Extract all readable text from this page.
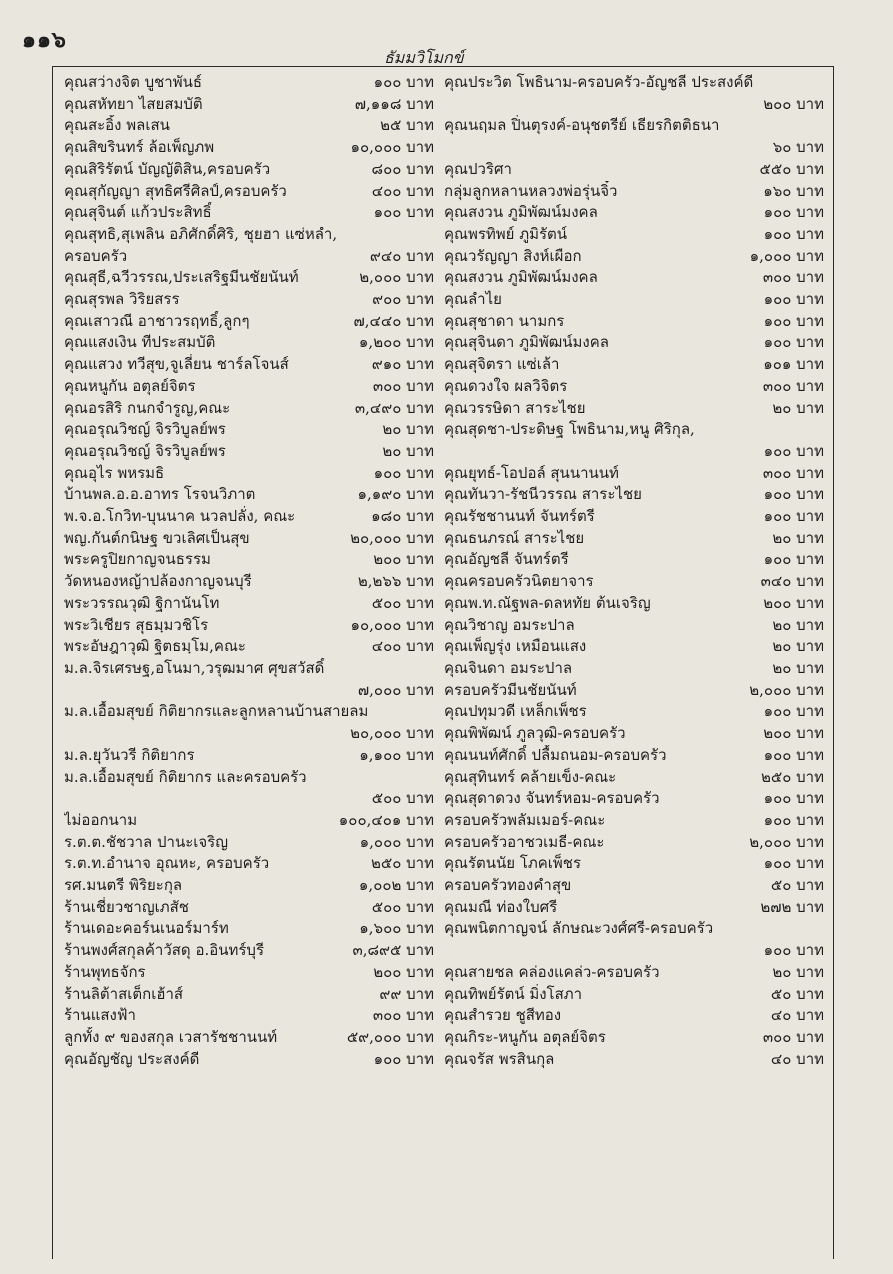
๑๑๖
ธัมมวิโมกข์
คุณสว่างจิต บูชาพันธ์	๑๐๐ บาท
คุณสหัทยา ไสยสมบัติ	๗,๑๑๘ บาท
คุณสะอิ้ง พลเสน	๒๕ บาท
คุณสิขรินทร์ ล้อเพ็ญภพ	๑๐,๐๐๐ บาท
คุณสิริรัตน์ บัญญัติสิน,ครอบครัว	๘๐๐ บาท
คุณสุกัญญา สุทธิศรีศิลป์,ครอบครัว	๔๐๐ บาท
คุณสุจินต์ แก้วประสิทธิ์	๑๐๐ บาท
คุณสุทธิ,สุเพลิน อภิศักดิ์ศิริ, ชุยฮา แซ่หลำ,
ครอบครัว	๙๔๐ บาท
คุณสุธี,ฉวีวรรณ,ประเสริฐมีนชัยนันท์	๒,๐๐๐ บาท
คุณสุรพล วิริยสรร	๙๐๐ บาท
คุณเสาวณี อาชาวรฤทธิ์,ลูกๆ	๗,๔๔๐ บาท
คุณแสงเงิน ทีประสมบัติ	๑,๒๐๐ บาท
คุณแสวง ทวีสุข,จูเลี่ยน ชาร์ลโจนส์	๙๑๐ บาท
คุณหนูกัน อตุลย์จิตร	๓๐๐ บาท
คุณอรสิริ กนกจำรูญ,คณะ	๓,๔๙๐ บาท
คุณอรุณวิชญ์ จิรวิบูลย์พร	๒๐ บาท
คุณอรุณวิชญ์ จิรวิบูลย์พร	๒๐ บาท
คุณอุไร พหรมธิ	๑๐๐ บาท
บ้านพล.อ.อ.อาทร โรจนวิภาต	๑,๑๙๐ บาท
พ.จ.อ.โกวิท-บุนนาค นวลปลั่ง, คณะ	๑๘๐ บาท
พญ.กันต์กนิษฐ ขวเลิศเป็นสุข	๒๐,๐๐๐ บาท
พระครูปิยกาญจนธรรม	๒๐๐ บาท
วัดหนองหญ้าปล้องกาญจนบุรี	๒,๒๖๖ บาท
พระวรรณวุฒิ ฐิกานันโท	๕๐๐ บาท
พระวิเชียร สุธมฺมวชิโร	๑๐,๐๐๐ บาท
พระอัษฎาวุฒิ ฐิตธมฺโม,คณะ	๔๐๐ บาท
ม.ล.จิรเศรษฐ,อโนมา,วรุฒมาศ ศุขสวัสดิ์
๗,๐๐๐ บาท
ม.ล.เอื้อมสุขย์ กิติยากรและลูกหลานบ้านสายลม
๒๐,๐๐๐ บาท
ม.ล.ยุวันวรี กิติยากร	๑,๑๐๐ บาท
ม.ล.เอื้อมสุขย์ กิติยากร และครอบครัว
๕๐๐ บาท
ไม่ออกนาม	๑๐๐,๔๐๑ บาท
ร.ต.ต.ชัชวาล ปานะเจริญ	๑,๐๐๐ บาท
ร.ต.ท.อำนาจ อุณหะ, ครอบครัว	๒๕๐ บาท
รศ.มนตรี พิริยะกุล	๑,๐๐๒ บาท
ร้านเชี่ยวชาญเภสัช	๕๐๐ บาท
ร้านเดอะคอร์นเนอร์มาร์ท	๑,๖๐๐ บาท
ร้านพงศ์สกุลค้าวัสดุ อ.อินทร์บุรี	๓,๘๙๕ บาท
ร้านพุทธจักร	๒๐๐ บาท
ร้านลิต้าสเต็กเฮ้าส์	๙๙ บาท
ร้านแสงฟ้า	๓๐๐ บาท
ลูกทั้ง ๙ ของสกุล เวสารัชชานนท์	๕๙,๐๐๐ บาท
คุณอัญชัญ ประสงค์ดี	๑๐๐ บาท
คุณประวิต โพธินาม-ครอบครัว-อัญชลี ประสงค์ดี
๒๐๐ บาท
คุณนฤมล ปิ่นตุรงค์-อนุชตรีย์ เธียรกิตติธนา
๖๐ บาท
คุณปวริศา	๕๕๐ บาท
กลุ่มลูกหลานหลวงพ่อรุ่นจิ๋ว	๑๖๐ บาท
คุณสงวน ภูมิพัฒน์มงคล	๑๐๐ บาท
คุณพรทิพย์ ภูมิรัตน์	๑๐๐ บาท
คุณวรัญญา สิงห์เผือก	๑,๐๐๐ บาท
คุณสงวน ภูมิพัฒน์มงคล	๓๐๐ บาท
คุณลำไย	๑๐๐ บาท
คุณสุชาดา นามกร	๑๐๐ บาท
คุณสุจินดา ภูมิพัฒน์มงคล	๑๐๐ บาท
คุณสุจิตรา แซ่เล้า	๑๐๑ บาท
คุณดวงใจ ผลวิจิตร	๓๐๐ บาท
คุณวรรษิดา สาระไชย	๒๐ บาท
คุณสุดชา-ประดิษฐ โพธินาม,หนู ศิริกุล,
๑๐๐ บาท
คุณยุทธ์-โอปอล์ สุนนานนท์	๓๐๐ บาท
คุณทันวา-รัชนีวรรณ สาระไชย	๑๐๐ บาท
คุณรัชชานนท์ จันทร์ตรี	๑๐๐ บาท
คุณธนภรณ์ สาระไชย	๒๐ บาท
คุณอัญชลี จันทร์ตรี	๑๐๐ บาท
คุณครอบครัวนิตยาจาร	๓๔๐ บาท
คุณพ.ท.ณัฐพล-ดลหทัย ต้นเจริญ	๒๐๐ บาท
คุณวิชาญ อมระปาล	๒๐ บาท
คุณเพ็ญรุ่ง เหมือนแสง	๒๐ บาท
คุณจินดา อมระปาล	๒๐ บาท
ครอบครัวมีนชัยนันท์	๒,๐๐๐ บาท
คุณปทุมวดี เหล็กเพ็ชร	๑๐๐ บาท
คุณพิพัฒน์ ภูลวุฒิ-ครอบครัว	๒๐๐ บาท
คุณนนท์ศักดิ์ ปลื้มถนอม-ครอบครัว	๑๐๐ บาท
คุณสุทินทร์ คล้ายเข็ง-คณะ	๒๕๐ บาท
คุณสุดาดวง จันทร์หอม-ครอบครัว	๑๐๐ บาท
ครอบครัวพลัมเมอร์-คณะ	๑๐๐ บาท
ครอบครัวอาชวเมธี-คณะ	๒,๐๐๐ บาท
คุณรัตนนัย โภคเพ็ชร	๑๐๐ บาท
ครอบครัวทองคำสุข	๕๐ บาท
คุณมณี ท่องใบศรี	๒๗๒ บาท
คุณพนิตกาญจน์ ลักษณะวงศ์ศรี-ครอบครัว
๑๐๐ บาท
คุณสายชล คล่องแคล่ว-ครอบครัว	๒๐ บาท
คุณทิพย์รัตน์ มิ่งโสภา	๕๐ บาท
คุณสำรวย ชูสีทอง	๔๐ บาท
คุณกิระ-หนูกัน อตุลย์จิตร	๓๐๐ บาท
คุณจรัส พรสินกุล	๔๐ บาท
